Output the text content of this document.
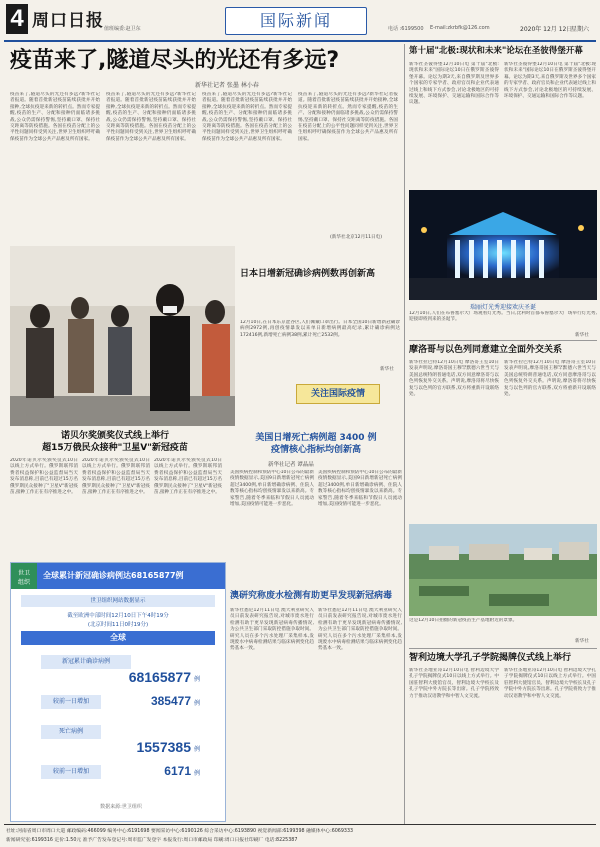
4 周口日报 值班编委:赵卫东	国际新闻	电话 :6199500 E-mail:zkrbfk@126.com	2020年 12月 12日
星期六
疫苗来了,隧道尽头的光还有多远?
新华社记者 张墨 林小春
疫苗来了,隧道尽头的光还有多远?新华社记者报道。随着首批新冠疫苗陆续获批并开始接种,全球抗疫迎来新的转折点。然而专家提醒,疫苗的生产、分配和接种仍面临诸多挑战,公众仍需保持警惕,坚持戴口罩、保持社交距离等防疫措施。各国在疫苗分配上的公平性问题同样受到关注,世界卫生组织呼吁确保疫苗作为全球公共产品惠及所有国家。
疫苗来了,隧道尽头的光还有多远?新华社记者报道。随着首批新冠疫苗陆续获批并开始接种,全球抗疫迎来新的转折点。然而专家提醒,疫苗的生产、分配和接种仍面临诸多挑战,公众仍需保持警惕,坚持戴口罩、保持社交距离等防疫措施。各国在疫苗分配上的公平性问题同样受到关注,世界卫生组织呼吁确保疫苗作为全球公共产品惠及所有国家。
疫苗来了,隧道尽头的光还有多远?新华社记者报道。随着首批新冠疫苗陆续获批并开始接种,全球抗疫迎来新的转折点。然而专家提醒,疫苗的生产、分配和接种仍面临诸多挑战,公众仍需保持警惕,坚持戴口罩、保持社交距离等防疫措施。各国在疫苗分配上的公平性问题同样受到关注,世界卫生组织呼吁确保疫苗作为全球公共产品惠及所有国家。
疫苗来了,隧道尽头的光还有多远?新华社记者报道。随着首批新冠疫苗陆续获批并开始接种,全球抗疫迎来新的转折点。然而专家提醒,疫苗的生产、分配和接种仍面临诸多挑战,公众仍需保持警惕,坚持戴口罩、保持社交距离等防疫措施。各国在疫苗分配上的公平性问题同样受到关注,世界卫生组织呼吁确保疫苗作为全球公共产品惠及所有国家。
(新华社北京12月11日电)
第十届"北极:现状和未来"论坛在圣彼得堡开幕
新华社圣彼得堡12月10日电 第十届"北极:现状和未来"国际论坛10日在俄罗斯圣彼得堡开幕。论坛为期3天,来自俄罗斯及世界多个国家的专家学者、政府官员和企业代表通过线上和线下方式参会,讨论北极地区的可持续发展、环境保护、交通运输和国际合作等议题。
新华社圣彼得堡12月10日电 第十届"北极:现状和未来"国际论坛10日在俄罗斯圣彼得堡开幕。论坛为期3天,来自俄罗斯及世界多个国家的专家学者、政府官员和企业代表通过线上和线下方式参会,讨论北极地区的可持续发展、环境保护、交通运输和国际合作等议题。
瑞丽灯光秀迎接欢庆圣诞
12月10日,人们在布鲁塞尔大广场观看灯光秀。当日,比利时首都布鲁塞尔大广场举行灯光秀,迎接即将到来的圣诞节。
新华社
摩洛哥与以色列同意建立全面外交关系
新华社拉巴特12月10日电 摩洛哥王室10日发表声明说,摩洛哥国王穆罕默德六世当天与美国总统特朗普通电话,双方同意摩洛哥与以色列恢复外交关系。声明说,摩洛哥将尽快恢复与以色列的官方联系,双方将重新开设联络处。
新华社拉巴特12月10日电 摩洛哥王室10日发表声明说,摩洛哥国王穆罕默德六世当天与美国总统特朗普通电话,双方同意摩洛哥与以色列恢复外交关系。声明说,摩洛哥将尽快恢复与以色列的官方联系,双方将重新开设联络处。
这是12月10日拍摄的新冠疫苗生产基地附近的景象。
新华社
智利边境大学孔子学院揭牌仪式线上举行
新华社圣地亚哥12月10日电 智利边境大学孔子学院揭牌仪式10日以线上方式举行。中国驻智利大使馆官员、智利边境大学校长及孔子学院中外方院长等出席。孔子学院将致力于推动汉语教学和中智人文交流。
新华社圣地亚哥12月10日电 智利边境大学孔子学院揭牌仪式10日以线上方式举行。中国驻智利大使馆官员、智利边境大学校长及孔子学院中外方院长等出席。孔子学院将致力于推动汉语教学和中智人文交流。
日本日增新冠确诊病例数再创新高
12月10日,在日本东京涩谷区,人们佩戴口罩出行。日本全国10日新增新冠确诊病例2972例,再创疫情暴发以来单日新增病例最高纪录,累计确诊病例达172416例,新增死亡病例38例,累计死亡2532例。
新华社
关注国际疫情
诺贝尔奖颁奖仪式线上举行
超15万俄民众接种"卫星V"新冠疫苗
2020年诺贝尔奖颁奖仪式10日以线上方式举行。俄罗斯联邦消费者权益保护和公益监督局当天发布消息称,目前已有超过15万名俄罗斯民众接种了"卫星V"新冠疫苗,接种工作正在有序推进之中。
2020年诺贝尔奖颁奖仪式10日以线上方式举行。俄罗斯联邦消费者权益保护和公益监督局当天发布消息称,目前已有超过15万名俄罗斯民众接种了"卫星V"新冠疫苗,接种工作正在有序推进之中。
2020年诺贝尔奖颁奖仪式10日以线上方式举行。俄罗斯联邦消费者权益保护和公益监督局当天发布消息称,目前已有超过15万名俄罗斯民众接种了"卫星V"新冠疫苗,接种工作正在有序推进之中。
美国日增死亡病例超 3400 例
疫情核心指标均创新高
新华社记者 谭晶晶
美国疾病控制和预防中心10日公布的最新疫情数据显示,美国9日新增新冠死亡病例超过3400例,单日新增确诊病例、住院人数等核心指标均创疫情暴发以来新高。专家警告,随着冬季来临和节假日人员流动增加,美国疫情可能进一步恶化。
美国疾病控制和预防中心10日公布的最新疫情数据显示,美国9日新增新冠死亡病例超过3400例,单日新增确诊病例、住院人数等核心指标均创疫情暴发以来新高。专家警告,随着冬季来临和节假日人员流动增加,美国疫情可能进一步恶化。
世卫
组织
全球累计新冠确诊病例达68165877例
世卫组织网站数据显示
截至欧洲中部时间12月10日下午4时19分
(北京时间11日0时19分)
全球
新冠累计确诊病例
68165877 例
较前一日增加	385477 例
死亡病例
1557385 例
较前一日增加	6171 例
数据来源:世卫组织
澳研究称废水检测有助更早发现新冠病毒
新华社悉尼12月11日电 澳大利亚研究人员日前发表研究报告说,对城市废水进行检测有助于更早发现新冠病毒传播情况,为公共卫生部门采取防控措施争取时间。研究人员在多个污水处理厂采集样本,发现废水中病毒检测结果与临床病例变化趋势基本一致。
新华社悉尼12月11日电 澳大利亚研究人员日前发表研究报告说,对城市废水进行检测有助于更早发现新冠病毒传播情况,为公共卫生部门采取防控措施争取时间。研究人员在多个污水处理厂采集样本,发现废水中病毒检测结果与临床病例变化趋势基本一致。
社址:河南省周口市周口大道 邮政编码:466099 编务中心:6191698 要闻采访中心:6190126 综合采访中心:6193890 视觉新闻部:6199398 融媒体中心:6069333
新闻研究室:6199316 定价:1.50元 准予广告发布登记号:周市监广发登字 本报发行:周口市邮政局 印刷:周口日报社印刷厂 电话:8225387
